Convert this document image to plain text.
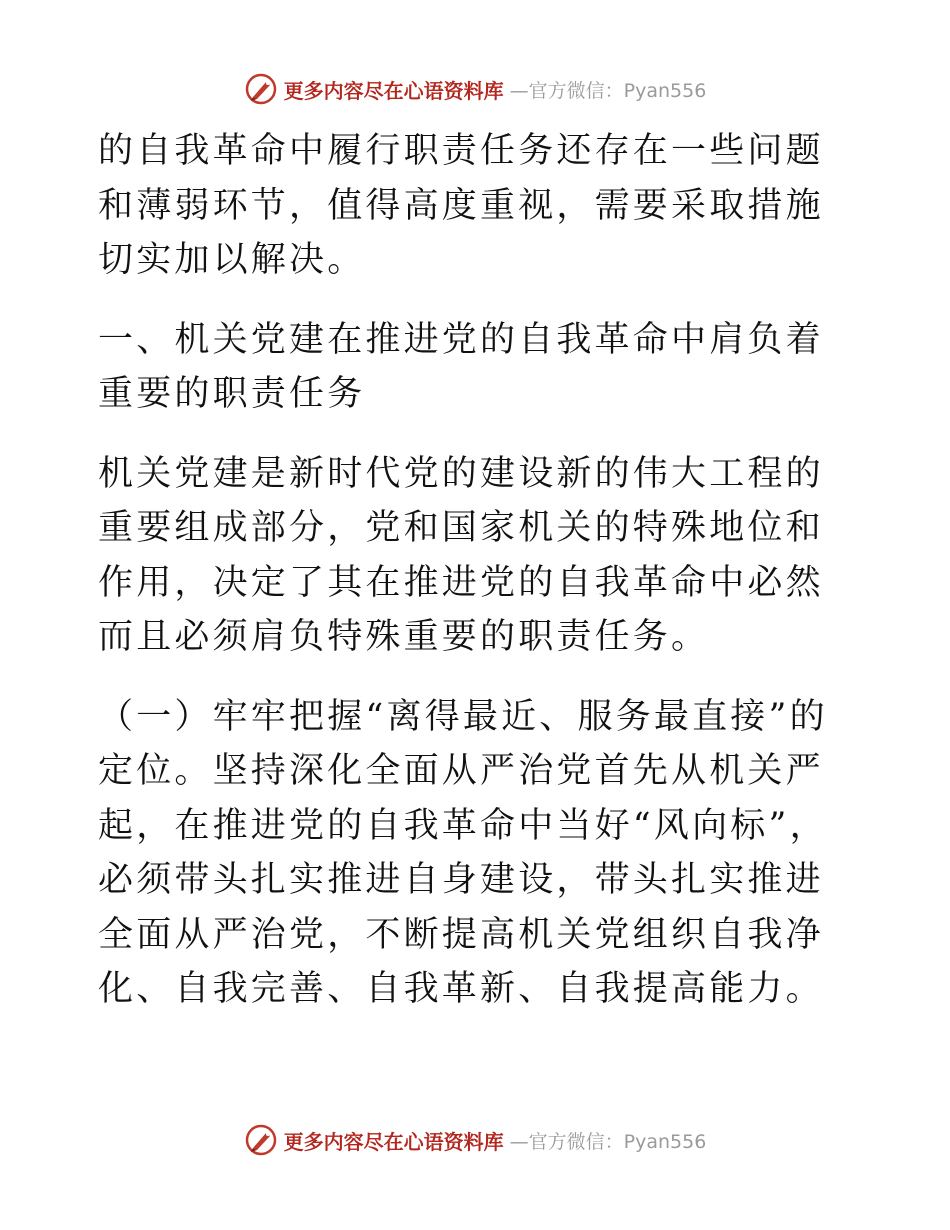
更多内容尽在心语资料库 —官方微信：Pyan556

的自我革命中履行职责任务还存在一些问题和薄弱环节，值得高度重视，需要采取措施切实加以解决。

一、机关党建在推进党的自我革命中肩负着重要的职责任务

机关党建是新时代党的建设新的伟大工程的重要组成部分，党和国家机关的特殊地位和作用，决定了其在推进党的自我革命中必然而且必须肩负特殊重要的职责任务。

（一）牢牢把握“离得最近、服务最直接”的定位。坚持深化全面从严治党首先从机关严起，在推进党的自我革命中当好“风向标”，必须带头扎实推进自身建设，带头扎实推进全面从严治党，不断提高机关党组织自我净化、自我完善、自我革新、自我提高能力。

更多内容尽在心语资料库 —官方微信：Pyan556
